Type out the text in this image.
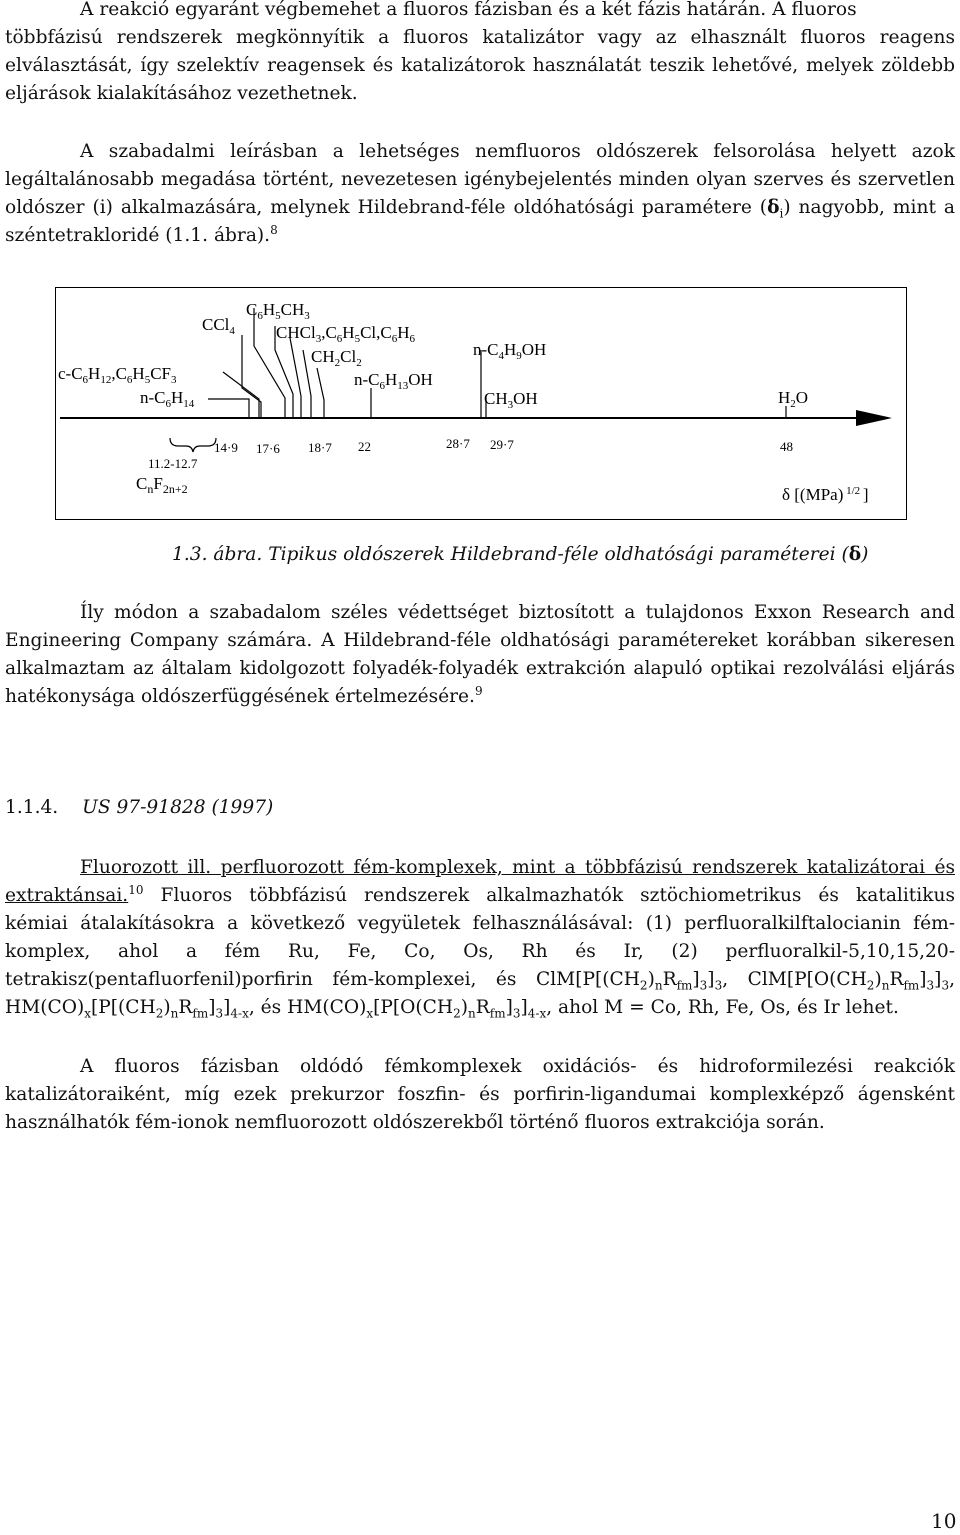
A reakció egyaránt végbemehet a fluoros fázisban és a két fázis határán. A fluoros
többfázisú rendszerek megkönnyítik a fluoros katalizátor vagy az elhasznált fluoros reagens
elválasztását, így szelektív reagensek és katalizátorok használatát teszik lehetővé, melyek zöldebb
eljárások kialakításához vezethetnek.
A szabadalmi leírásban a lehetséges nemfluoros oldószerek felsorolása helyett azok
legáltalánosabb megadása történt, nevezetesen igénybejelentés minden olyan szerves és szervetlen
oldószer (i) alkalmazására, melynek Hildebrand-féle oldóhatósági paramétere $(\delta_i)$ nagyobb, mint a
széntetrakloridé (1.1. ábra).$^8$
$C_6H_5CH_3$
CCl$_4$ $CHCl_3,C_6H_5Cl,C_6H_6$
$CH_2Cl_2$
$n-C_4H_9OH$
$c-C_6H_{12},C_6H_5CF_3$	$n-C_6H_{13}OH$
$n-C_6H_{14}$	$CH_3OH$	$H_2O$
11.2-12.7
$C_nF_{2n+2}$
14·9 17·6 18·7 22	28·7 29·7	48
δ [(MPa) $^{1/2}$ ]
1.3. ábra. Tipikus oldószerek Hildebrand-féle oldhatósági paraméterei (δ)
Íly módon a szabadalom széles védettséget biztosított a tulajdonos Exxon Research and
Engineering Company számára. A Hildebrand-féle oldhatósági paramétereket korábban sikeresen
alkalmaztam az általam kidolgozott folyadék-folyadék extrakción alapuló optikai rezolválási eljárás
hatékonysága oldószerfüggésének értelmezésére.$^9$
1.1.4. US 97-91828 (1997)
Fluorozott ill. perfluorozott fém-komplexek, mint a többfázisú rendszerek katalizátorai és
extraktánsai.$^{10}$ Fluoros többfázisú rendszerek alkalmazhatók sztöchiometrikus és katalitikus
kémiai átalakításokra a következő vegyületek felhasználásával: (1) perfluoralkilftalocianin fém-
komplex, ahol a fém Ru, Fe, Co, Os, Rh és Ir, (2) perfluoralkil-5,10,15,20-
tetrakisz(pentafluorfenil)porfirin fém-komplexei, és $ClM[P[(CH_2)_nR_{fm}]_3]_3$, $ClM[P[O(CH_2)_nR_{fm}]_3]_3$,
$HM(CO)_x[P[(CH_2)_nR_{fm}]_3]_{4-x}$, és $HM(CO)_x[P[O(CH_2)_nR_{fm}]_3]_{4-x}$, ahol M = Co, Rh, Fe, Os, és Ir lehet.
A fluoros fázisban oldódó fémkomplexek oxidációs- és hidroformilezési reakciók
katalizátoraiként, míg ezek prekurzor foszfin- és porfirin-ligandumai komplexképző ágensként
használhatók fém-ionok nemfluorozott oldószerekből történő fluoros extrakciója során.
10
